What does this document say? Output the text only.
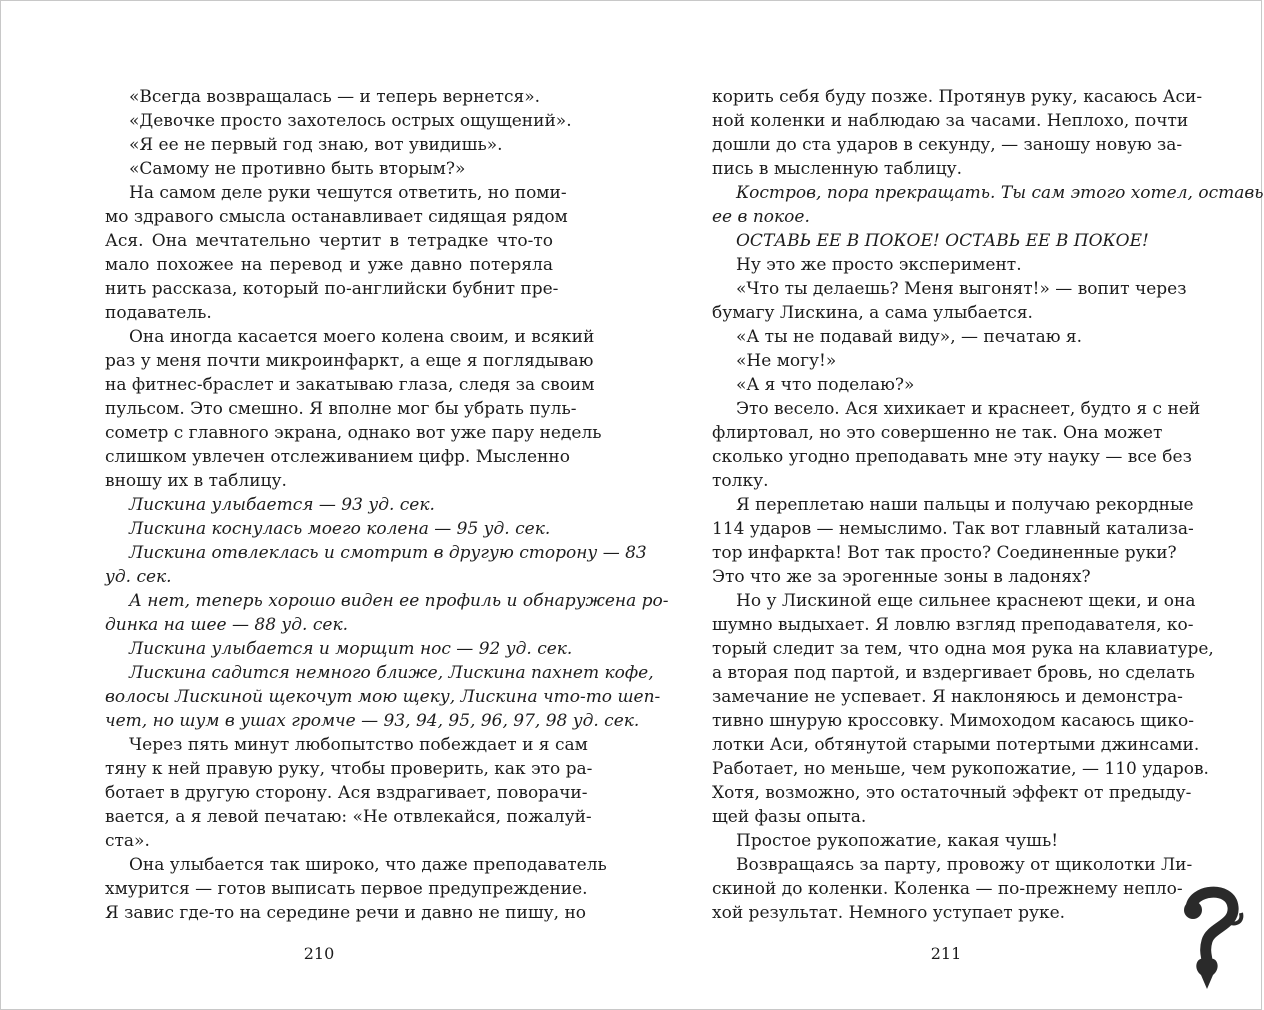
«Всегда возвращалась — и теперь вернется».
«Девочке просто захотелось острых ощущений».
«Я ее не первый год знаю, вот увидишь».
«Самому не противно быть вторым?»
На самом деле руки чешутся ответить, но поми-
мо здравого смысла останавливает сидящая рядом
Ася. Она мечтательно чертит в тетрадке что-то
мало похожее на перевод и уже давно потеряла
нить рассказа, который по-английски бубнит пре-
подаватель.
Она иногда касается моего колена своим, и всякий
раз у меня почти микроинфаркт, а еще я поглядываю
на фитнес-браслет и закатываю глаза, следя за своим
пульсом. Это смешно. Я вполне мог бы убрать пуль-
сометр с главного экрана, однако вот уже пару недель
слишком увлечен отслеживанием цифр. Мысленно
вношу их в таблицу.
Лискина улыбается — 93 уд. сек.
Лискина коснулась моего колена — 95 уд. сек.
Лискина отвлеклась и смотрит в другую сторону — 83
уд. сек.
А нет, теперь хорошо виден ее профиль и обнаружена ро-
динка на шее — 88 уд. сек.
Лискина улыбается и морщит нос — 92 уд. сек.
Лискина садится немного ближе, Лискина пахнет кофе,
волосы Лискиной щекочут мою щеку, Лискина что-то шеп-
чет, но шум в ушах громче — 93, 94, 95, 96, 97, 98 уд. сек.
Через пять минут любопытство побеждает и я сам
тяну к ней правую руку, чтобы проверить, как это ра-
ботает в другую сторону. Ася вздрагивает, поворачи-
вается, а я левой печатаю: «Не отвлекайся, пожалуй-
ста».
Она улыбается так широко, что даже преподаватель
хмурится — готов выписать первое предупреждение.
Я завис где-то на середине речи и давно не пишу, но
210
корить себя буду позже. Протянув руку, касаюсь Аси-
ной коленки и наблюдаю за часами. Неплохо, почти
дошли до ста ударов в секунду, — заношу новую за-
пись в мысленную таблицу.
Костров, пора прекращать. Ты сам этого хотел, оставь
ее в покое.
ОСТАВЬ ЕЕ В ПОКОЕ! ОСТАВЬ ЕЕ В ПОКОЕ!
Ну это же просто эксперимент.
«Что ты делаешь? Меня выгонят!» — вопит через
бумагу Лискина, а сама улыбается.
«А ты не подавай виду», — печатаю я.
«Не могу!»
«А я что поделаю?»
Это весело. Ася хихикает и краснеет, будто я с ней
флиртовал, но это совершенно не так. Она может
сколько угодно преподавать мне эту науку — все без
толку.
Я переплетаю наши пальцы и получаю рекордные
114 ударов — немыслимо. Так вот главный катализа-
тор инфаркта! Вот так просто? Соединенные руки?
Это что же за эрогенные зоны в ладонях?
Но у Лискиной еще сильнее краснеют щеки, и она
шумно выдыхает. Я ловлю взгляд преподавателя, ко-
торый следит за тем, что одна моя рука на клавиатуре,
а вторая под партой, и вздергивает бровь, но сделать
замечание не успевает. Я наклоняюсь и демонстра-
тивно шнурую кроссовку. Мимоходом касаюсь щико-
лотки Аси, обтянутой старыми потертыми джинсами.
Работает, но меньше, чем рукопожатие, — 110 ударов.
Хотя, возможно, это остаточный эффект от предыду-
щей фазы опыта.
Простое рукопожатие, какая чушь!
Возвращаясь за парту, провожу от щиколотки Ли-
скиной до коленки. Коленка — по-прежнему непло-
хой результат. Немного уступает руке.
211
